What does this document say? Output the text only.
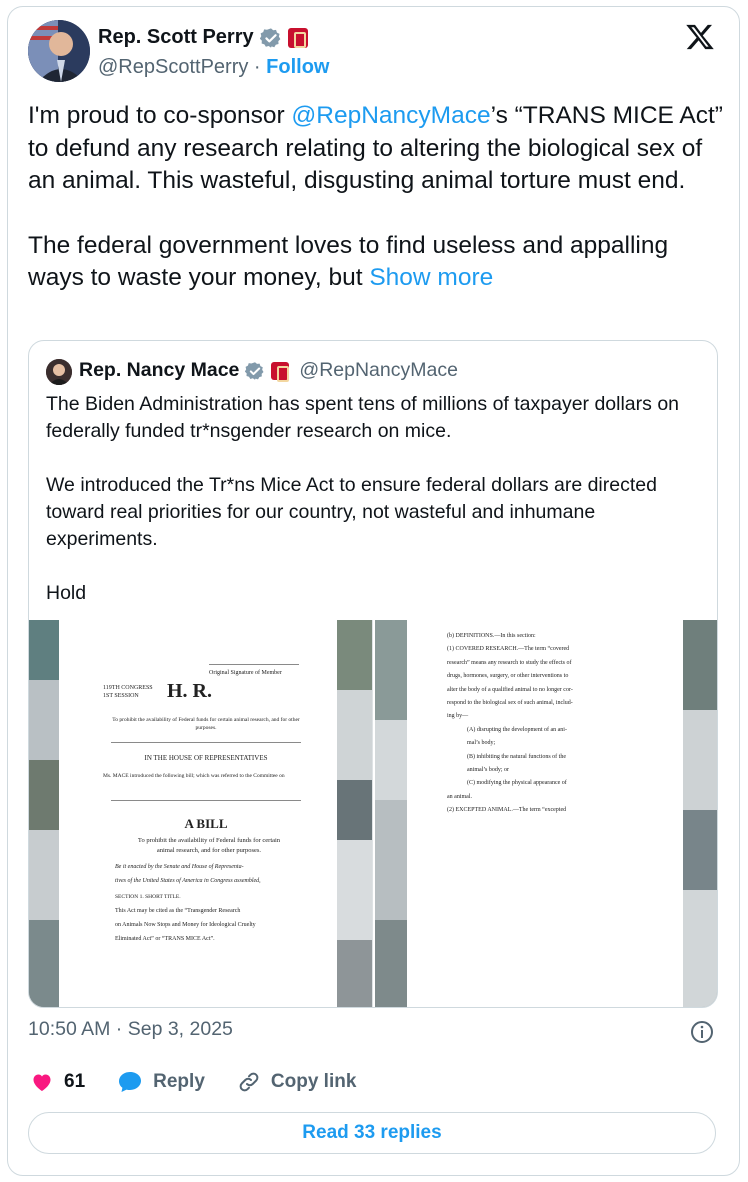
Rep. Scott Perry
@RepScottPerry · Follow
I'm proud to co-sponsor @RepNancyMace’s “TRANS MICE Act” to defund any research relating to altering the biological sex of an animal. This wasteful, disgusting animal torture must end.
The federal government loves to find useless and appalling ways to waste your money, but Show more
Rep. Nancy Mace	@RepNancyMace

The Biden Administration has spent tens of millions of taxpayer dollars on federally funded tr*nsgender research on mice.

We introduced the Tr*ns Mice Act to ensure federal dollars are directed toward real priorities for our country, not wasteful and inhumane experiments.

Hold

Original Signature of Member
119TH CONGRESS
1ST SESSION	H. R.
To prohibit the availability of Federal funds for certain animal research, and for other purposes.
IN THE HOUSE OF REPRESENTATIVES
Ms. MACE introduced the following bill; which was referred to the Committee on
A BILL
To prohibit the availability of Federal funds for certain animal research, and for other purposes.
Be it enacted by the Senate and House of Representa-
tives of the United States of America in Congress assembled,
SECTION 1. SHORT TITLE.
This Act may be cited as the “Transgender Research
on Animals Now Stops and Money for Ideological Cruelty
Eliminated Act” or “TRANS MICE Act”.
(b) DEFINITIONS.—In this section:
(1) COVERED RESEARCH.—The term “covered
research” means any research to study the effects of
drugs, hormones, surgery, or other interventions to
alter the body of a qualified animal to no longer cor-
respond to the biological sex of such animal, includ-
ing by—
(A) disrupting the development of an ani-
mal’s body;
(B) inhibiting the natural functions of the
animal’s body; or
(C) modifying the physical appearance of
an animal.
(2) EXCEPTED ANIMAL.—The term “excepted
10:50 AM · Sep 3, 2025
61	Reply	Copy link
Read 33 replies
